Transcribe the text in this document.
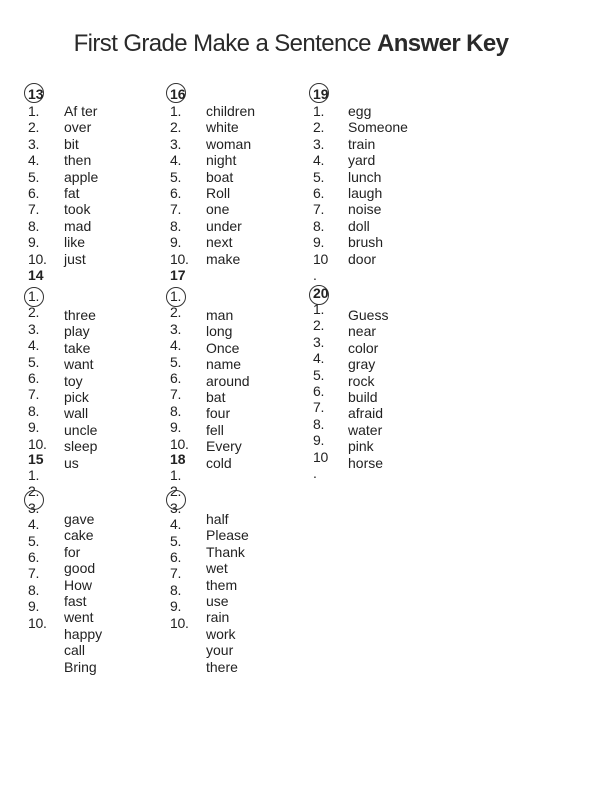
First Grade Make a Sentence Answer Key
13
1.
2.
3.
4.
5.
6.
7.
8.
9.
10.
Af ter
over
bit
then
apple
fat
took
mad
like
just
14
1.
2.
3.
4.
5.
6.
7.
8.
9.
10.
three
play
take
want
toy
pick
wall
uncle
sleep
us
15
1.
2.
3.
4.
5.
6.
7.
8.
9.
10.
gave
cake
for
good
How
fast
went
happy
call
Bring
16
1.
2.
3.
4.
5.
6.
7.
8.
9.
10.
children
white
woman
night
boat
Roll
one
under
next
make
17
1.
2.
3.
4.
5.
6.
7.
8.
9.
10.
man
long
Once
name
around
bat
four
fell
Every
cold
18
1.
2.
3.
4.
5.
6.
7.
8.
9.
10.
half
Please
Thank
wet
them
use
rain
work
your
there
19
1.
2.
3.
4.
5.
6.
7.
8.
9.
10
egg
Someone
train
yard
lunch
laugh
noise
doll
brush
door
.
20
1.
2.
3.
4.
5.
6.
7.
8.
9.
10
Guess
near
color
gray
rock
build
afraid
water
pink
horse
.
